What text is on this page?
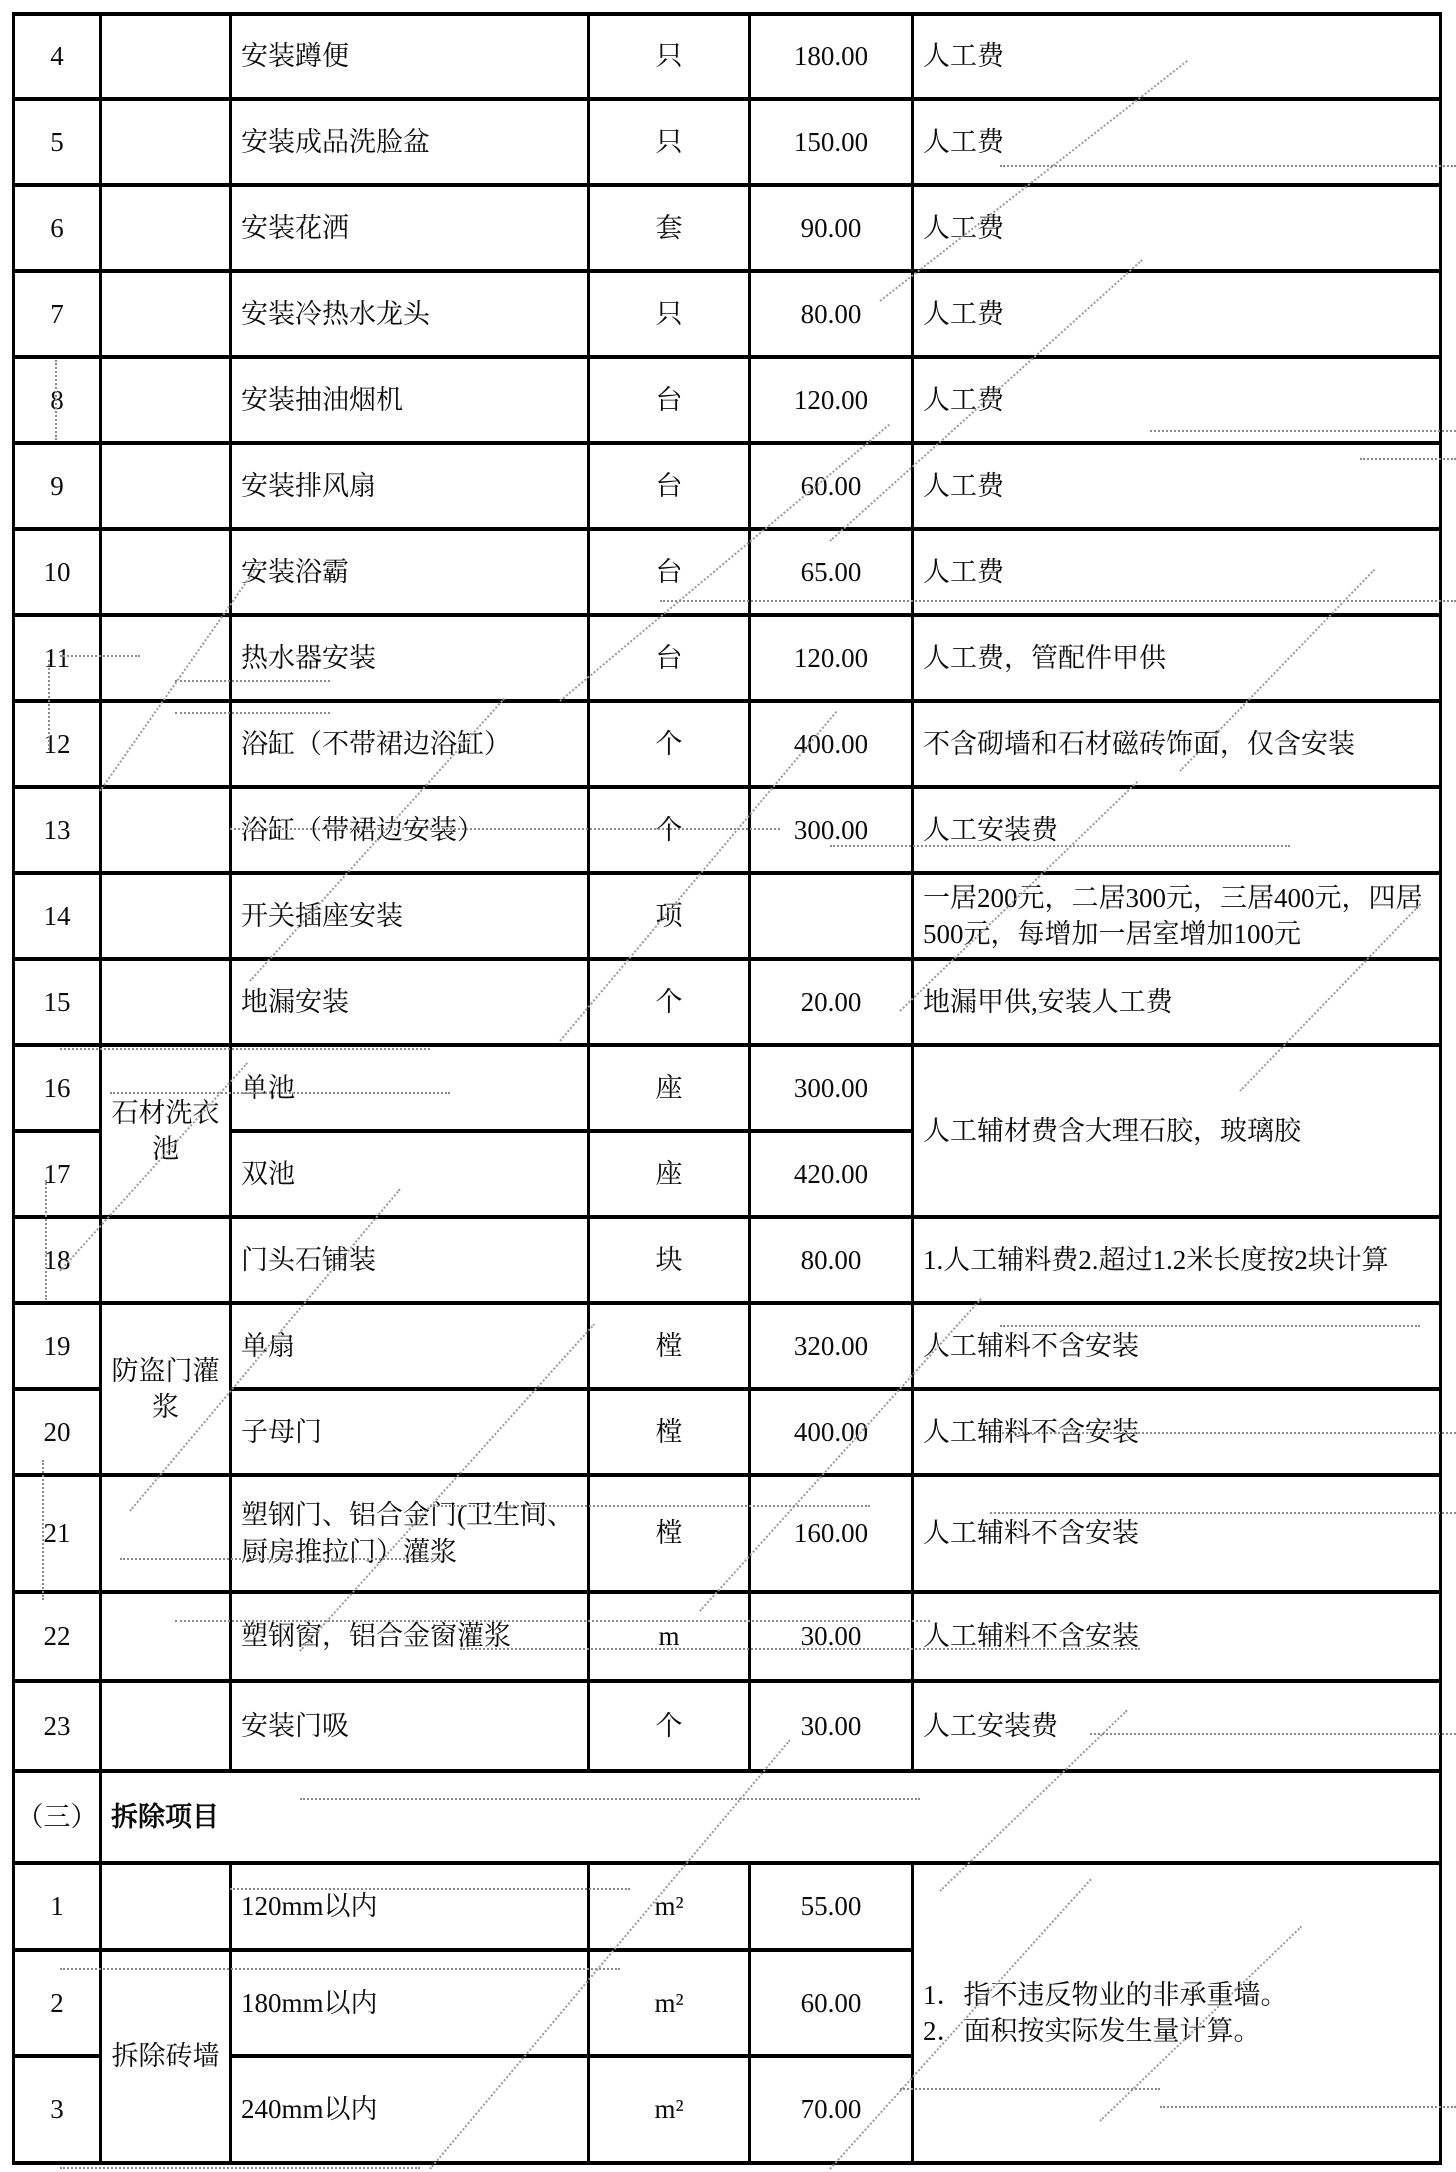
4		安装蹲便	只	180.00	人工费
5		安装成品洗脸盆	只	150.00	人工费
6		安装花洒	套	90.00	人工费
7		安装冷热水龙头	只	80.00	人工费
8		安装抽油烟机	台	120.00	人工费
9		安装排风扇	台	60.00	人工费
10		安装浴霸	台	65.00	人工费
11		热水器安装	台	120.00	人工费，管配件甲供
12		浴缸（不带裙边浴缸）	个	400.00	不含砌墙和石材磁砖饰面，仅含安装
13		浴缸（带裙边安装）	个	300.00	人工安装费
14		开关插座安装	项		一居200元，二居300元，三居400元，四居500元，每增加一居室增加100元
15		地漏安装	个	20.00	地漏甲供,安装人工费
16	石材洗衣池	单池	座	300.00	人工辅材费含大理石胶，玻璃胶
17		双池	座	420.00	
18		门头石铺装	块	80.00	1.人工辅料费2.超过1.2米长度按2块计算
19	防盗门灌浆	单扇	樘	320.00	人工辅料不含安装
20		子母门	樘	400.00	人工辅料不含安装
21		塑钢门、铝合金门(卫生间、厨房推拉门）灌浆	樘	160.00	人工辅料不含安装
22		塑钢窗，铝合金窗灌浆	m	30.00	人工辅料不含安装
23		安装门吸	个	30.00	人工安装费
（三）	拆除项目				
1		120mm以内	m²	55.00	1．指不违反物业的非承重墙。
2．面积按实际发生量计算。

2	拆除砖墙	180mm以内	m²	60.00	
3		240mm以内	m²	70.00	
